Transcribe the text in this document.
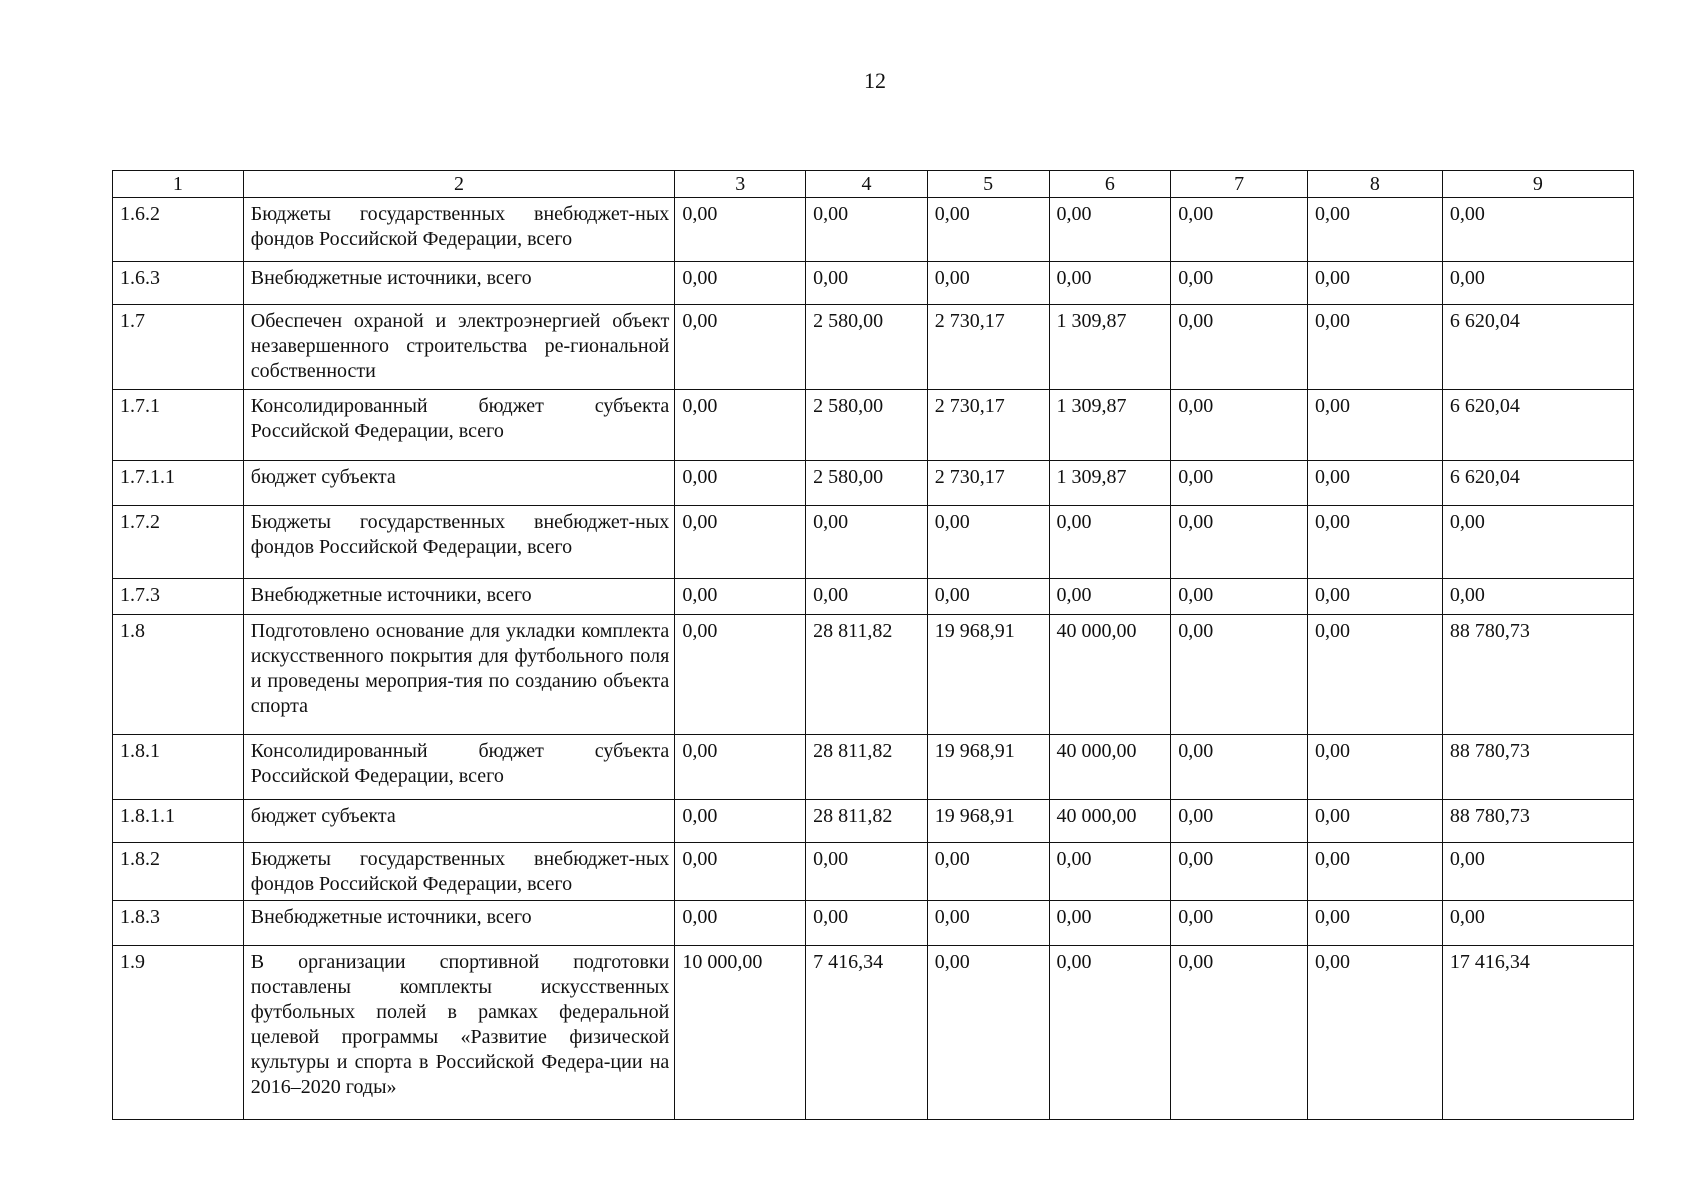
12
1	2	3	4	5	6	7	8	9
1.6.2	Бюджеты государственных внебюджет-ных фондов Российской Федерации, всего	0,00	0,00	0,00	0,00	0,00	0,00	0,00
1.6.3	Внебюджетные источники, всего	0,00	0,00	0,00	0,00	0,00	0,00	0,00
1.7	Обеспечен охраной и электроэнергией объект незавершенного строительства ре-гиональной собственности	0,00	2 580,00	2 730,17	1 309,87	0,00	0,00	6 620,04
1.7.1	Консолидированный бюджет субъекта Российской Федерации, всего	0,00	2 580,00	2 730,17	1 309,87	0,00	0,00	6 620,04
1.7.1.1	бюджет субъекта	0,00	2 580,00	2 730,17	1 309,87	0,00	0,00	6 620,04
1.7.2	Бюджеты государственных внебюджет-ных фондов Российской Федерации, всего	0,00	0,00	0,00	0,00	0,00	0,00	0,00
1.7.3	Внебюджетные источники, всего	0,00	0,00	0,00	0,00	0,00	0,00	0,00
1.8	Подготовлено основание для укладки комплекта искусственного покрытия для футбольного поля и проведены мероприя-тия по созданию объекта спорта	0,00	28 811,82	19 968,91	40 000,00	0,00	0,00	88 780,73
1.8.1	Консолидированный бюджет субъекта Российской Федерации, всего	0,00	28 811,82	19 968,91	40 000,00	0,00	0,00	88 780,73
1.8.1.1	бюджет субъекта	0,00	28 811,82	19 968,91	40 000,00	0,00	0,00	88 780,73
1.8.2	Бюджеты государственных внебюджет-ных фондов Российской Федерации, всего	0,00	0,00	0,00	0,00	0,00	0,00	0,00
1.8.3	Внебюджетные источники, всего	0,00	0,00	0,00	0,00	0,00	0,00	0,00
1.9	В организации спортивной подготовки поставлены комплекты искусственных футбольных полей в рамках федеральной целевой программы «Развитие физической культуры и спорта в Российской Федера-ции на 2016–2020 годы»	10 000,00	7 416,34	0,00	0,00	0,00	0,00	17 416,34
